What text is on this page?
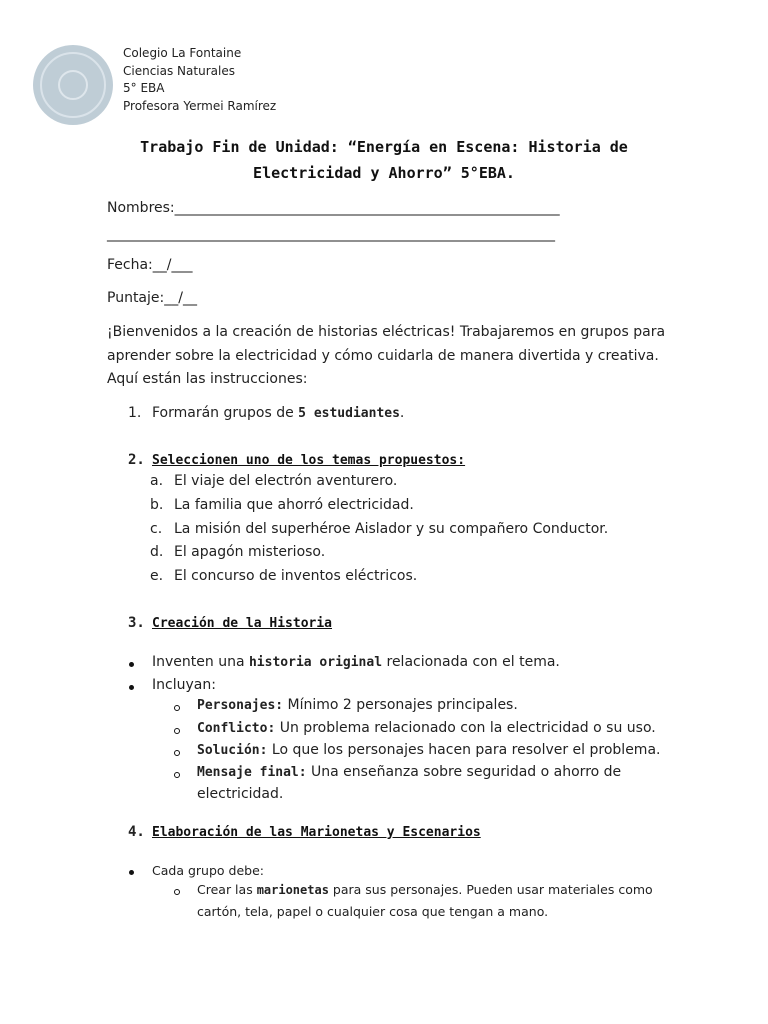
Colegio La Fontaine
Ciencias Naturales
5° EBA
Profesora Yermei Ramírez
Trabajo Fin de Unidad: “Energía en Escena: Historia de
Electricidad y Ahorro” 5°EBA.
Nombres:_______________________________________________________
________________________________________________________________
Fecha:__/___
Puntaje:__/__
¡Bienvenidos a la creación de historias eléctricas! Trabajaremos en grupos para aprender sobre la electricidad y cómo cuidarla de manera divertida y creativa. Aquí están las instrucciones:
1. Formarán grupos de 5 estudiantes.
2. Seleccionen uno de los temas propuestos:
a. El viaje del electrón aventurero.
b. La familia que ahorró electricidad.
c. La misión del superhéroe Aislador y su compañero Conductor.
d. El apagón misterioso.
e. El concurso de inventos eléctricos.
3. Creación de la Historia
Inventen una historia original relacionada con el tema.
Incluyan:
Personajes: Mínimo 2 personajes principales.
Conflicto: Un problema relacionado con la electricidad o su uso.
Solución: Lo que los personajes hacen para resolver el problema.
Mensaje final: Una enseñanza sobre seguridad o ahorro de
electricidad.
4. Elaboración de las Marionetas y Escenarios
Cada grupo debe:
Crear las marionetas para sus personajes. Pueden usar materiales como
cartón, tela, papel o cualquier cosa que tengan a mano.
